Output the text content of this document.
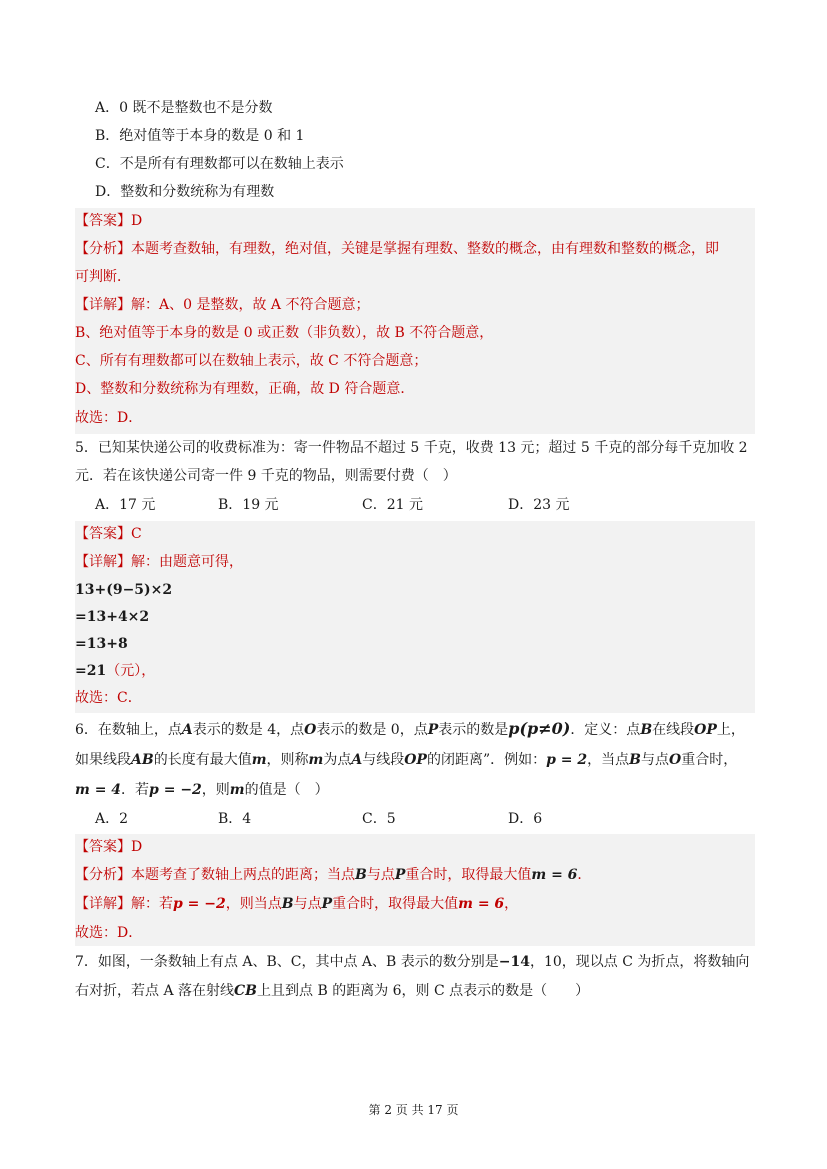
A．0 既不是整数也不是分数
B．绝对值等于本身的数是 0 和 1
C．不是所有有理数都可以在数轴上表示
D．整数和分数统称为有理数
【答案】D
【分析】本题考查数轴，有理数，绝对值，关键是掌握有理数、整数的概念，由有理数和整数的概念，即
可判断．
【详解】解：A、0 是整数，故 A 不符合题意；
B、绝对值等于本身的数是 0 或正数（非负数），故 B 不符合题意，
C、所有有理数都可以在数轴上表示，故 C 不符合题意；
D、整数和分数统称为有理数，正确，故 D 符合题意．
故选：D．
5．已知某快递公司的收费标准为：寄一件物品不超过 5 千克，收费 13 元；超过 5 千克的部分每千克加收 2
元．若在该快递公司寄一件 9 千克的物品，则需要付费（　）
A．17 元	B．19 元	C．21 元	D．23 元
【答案】C
【详解】解：由题意可得，
13+(9−5)×2
=13+4×2
=13+8
=21（元），
故选：C．
6．在数轴上，点A表示的数是 4，点O表示的数是 0，点P表示的数是p(p≠0)．定义：点B在线段OP上，
如果线段AB的长度有最大值m，则称m为点A与线段OP的闭距离”．例如：p = 2，当点B与点O重合时，
m = 4．若p = −2，则m的值是（　）
A．2	B．4	C．5	D．6
【答案】D
【分析】本题考查了数轴上两点的距离；当点B与点P重合时，取得最大值m = 6．
【详解】解：若p = −2，则当点B与点P重合时，取得最大值m = 6，
故选：D．
7．如图，一条数轴上有点 A、B、C，其中点 A、B 表示的数分别是−14，10，现以点 C 为折点，将数轴向
右对折，若点 A 落在射线CB上且到点 B 的距离为 6，则 C 点表示的数是（　　）
第 2 页 共 17 页
